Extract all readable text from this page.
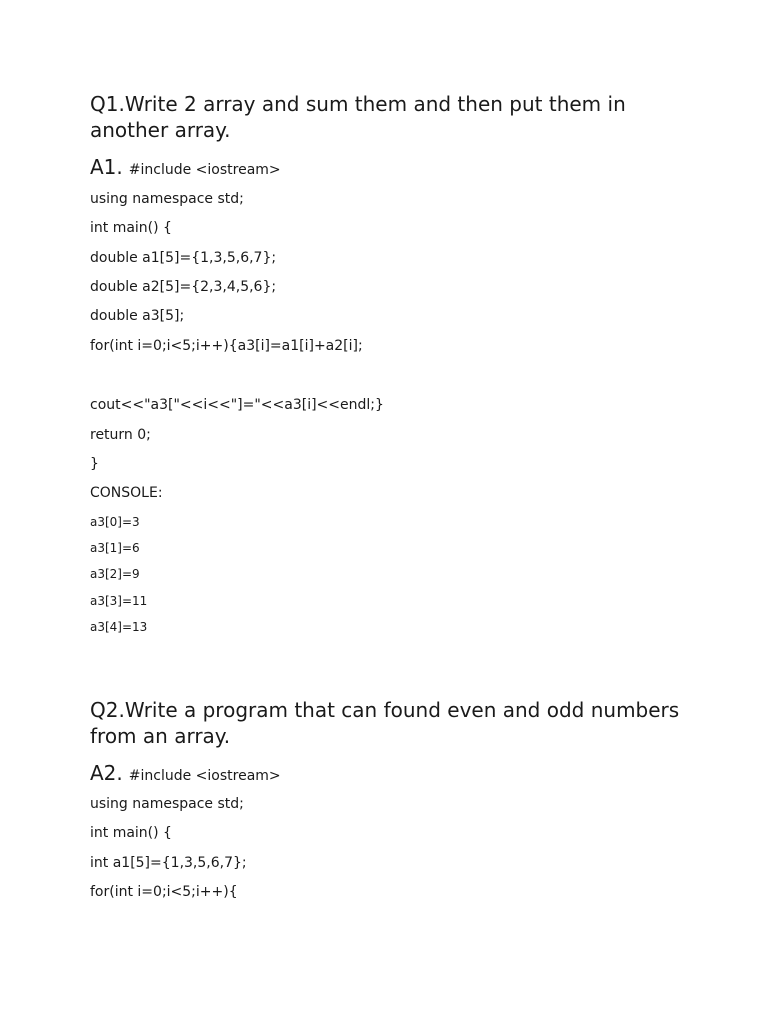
Q1.Write 2 array and sum them and then put them in another array.
A1. #include <iostream>
using namespace std;
int main() {
double a1[5]={1,3,5,6,7};
double a2[5]={2,3,4,5,6};
double a3[5];
for(int i=0;i<5;i++){a3[i]=a1[i]+a2[i];
cout<<"a3["<<i<<"]="<<a3[i]<<endl;}
return 0;
}
CONSOLE:
a3[0]=3
a3[1]=6
a3[2]=9
a3[3]=11
a3[4]=13
Q2.Write a program that can found even and odd numbers from an array.
A2. #include <iostream>
using namespace std;
int main() {
int a1[5]={1,3,5,6,7};
for(int i=0;i<5;i++){
